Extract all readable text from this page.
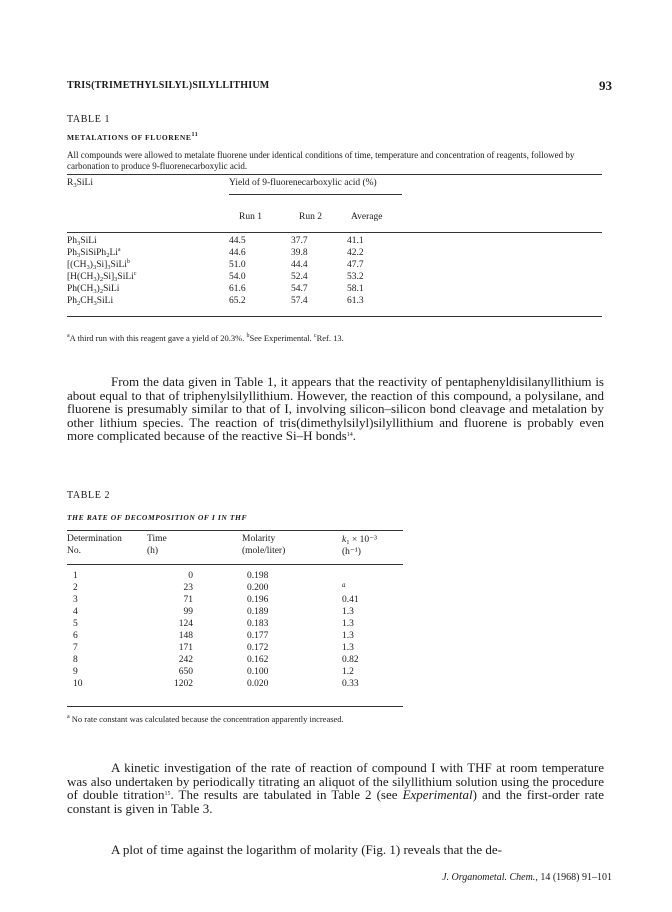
TRIS(TRIMETHYLSILYL)SILYLLITHIUM	93
TABLE 1
METALATIONS OF FLUORENE$^{11}$
All compounds were allowed to metalate fluorene under identical conditions of time, temperature and concentration of reagents, followed by carbonation to produce 9-fluorenecarboxylic acid.
$R_3SiLi$	Yield of 9-fluorenecarboxylic acid (%)
Run 1	Run 2	Average
$Ph_3SiLi$	44.5	37.7	41.1
$Ph_3SiSiPh_2Li^a$	44.6	39.8	42.2
$[(CH_3)_3Si]_3SiLi^b$	51.0	44.4	47.7
$[H(CH_3)_2Si]_3SiLi^c$	54.0	52.4	53.2
$Ph(CH_3)_2SiLi$	61.6	54.7	58.1
$Ph_2CH_3SiLi$	65.2	57.4	61.3
$^a$A third run with this reagent gave a yield of 20.3%. $^b$See Experimental. $^c$Ref. 13.
From the data given in Table 1, it appears that the reactivity of pentaphenyldisilanyllithium is about equal to that of triphenylsilyllithium. However, the reaction of this compound, a polysilane, and fluorene is presumably similar to that of I, involving silicon–silicon bond cleavage and metalation by other lithium species. The reaction of tris(dimethylsilyl)silyllithium and fluorene is probably even more complicated because of the reactive Si–H bonds$^{14}$.
TABLE 2
THE RATE OF DECOMPOSITION OF I IN THF
Determination	Time	Molarity	$k_1 \times 10^{-3}$
No.	(h)	(mole/liter)	(h⁻¹)
1	0	0.198
2	23	0.200	a
3	71	0.196	0.41
4	99	0.189	1.3
5	124	0.183	1.3
6	148	0.177	1.3
7	171	0.172	1.3
8	242	0.162	0.82
9	650	0.100	1.2
10	1202	0.020	0.33
$^a$ No rate constant was calculated because the concentration apparently increased.
A kinetic investigation of the rate of reaction of compound I with THF at room temperature was also undertaken by periodically titrating an aliquot of the silyllithium solution using the procedure of double titration$^{15}$. The results are tabulated in Table 2 (see Experimental) and the first-order rate constant is given in Table 3.
A plot of time against the logarithm of molarity (Fig. 1) reveals that the de-
J. Organometal. Chem., 14 (1968) 91–101
